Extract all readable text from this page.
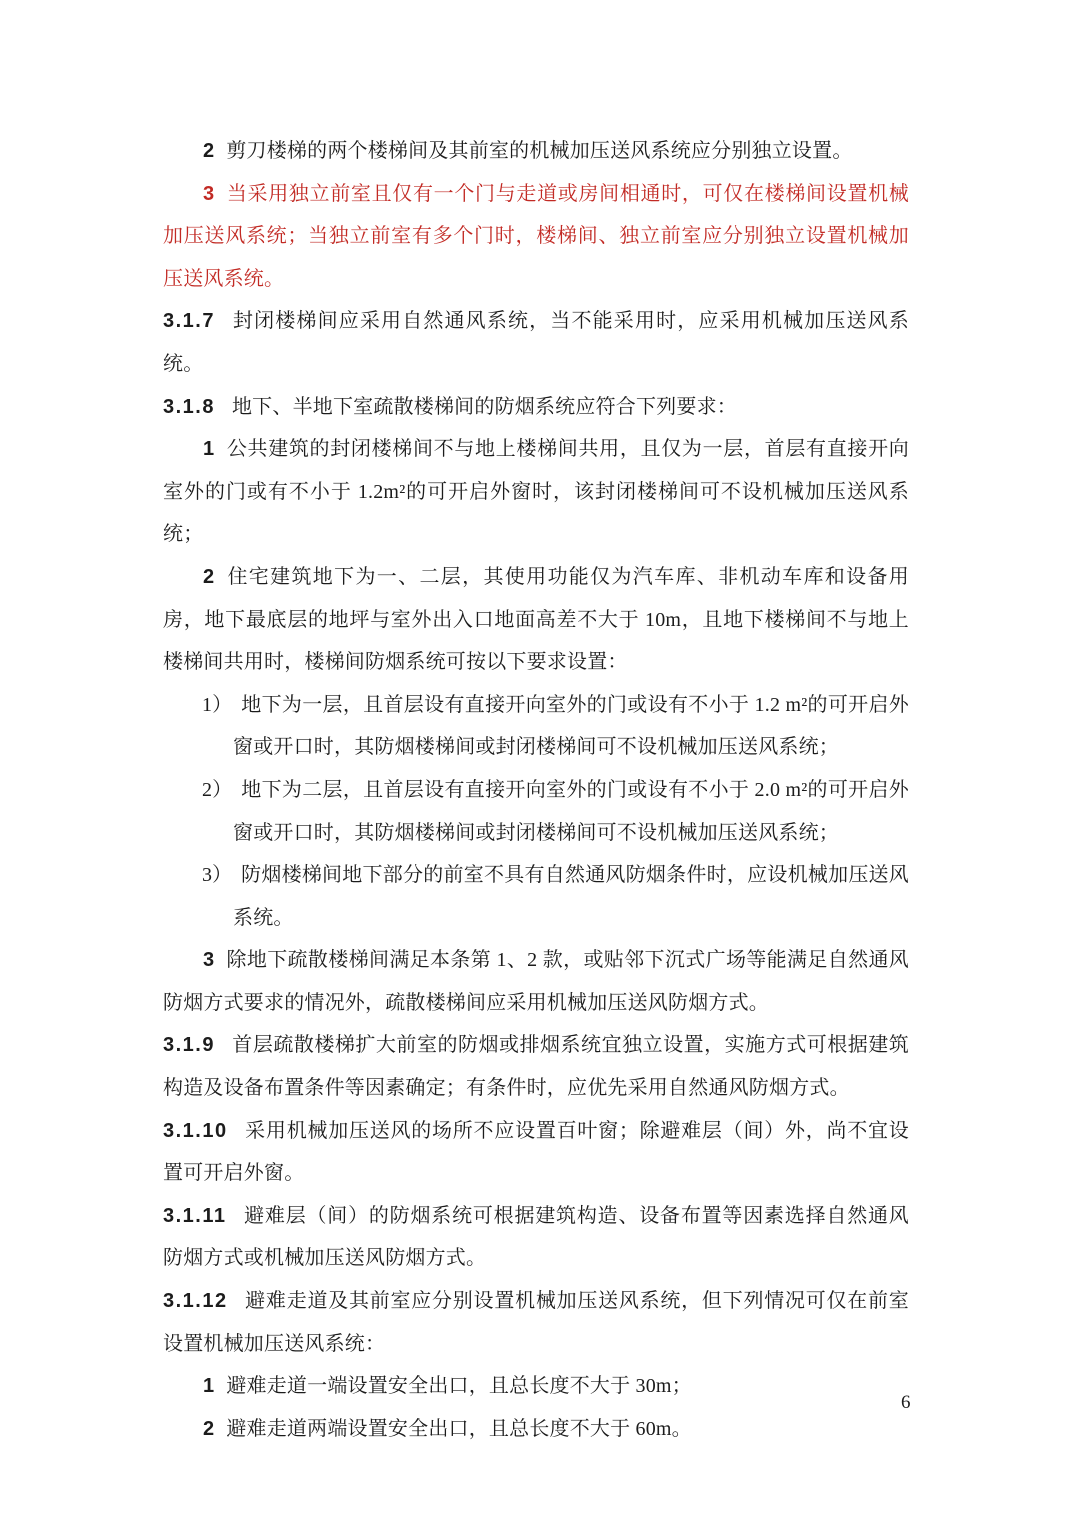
2 剪刀楼梯的两个楼梯间及其前室的机械加压送风系统应分别独立设置。

3 当采用独立前室且仅有一个门与走道或房间相通时，可仅在楼梯间设置机械加压送风系统；当独立前室有多个门时，楼梯间、独立前室应分别独立设置机械加压送风系统。

3.1.7 封闭楼梯间应采用自然通风系统，当不能采用时，应采用机械加压送风系统。

3.1.8 地下、半地下室疏散楼梯间的防烟系统应符合下列要求：

1 公共建筑的封闭楼梯间不与地上楼梯间共用，且仅为一层，首层有直接开向室外的门或有不小于 1.2m²的可开启外窗时，该封闭楼梯间可不设机械加压送风系统；

2 住宅建筑地下为一、二层，其使用功能仅为汽车库、非机动车库和设备用房，地下最底层的地坪与室外出入口地面高差不大于 10m，且地下楼梯间不与地上楼梯间共用时，楼梯间防烟系统可按以下要求设置：

1） 地下为一层，且首层设有直接开向室外的门或设有不小于 1.2 m²的可开启外窗或开口时，其防烟楼梯间或封闭楼梯间可不设机械加压送风系统；

2） 地下为二层，且首层设有直接开向室外的门或设有不小于 2.0 m²的可开启外窗或开口时，其防烟楼梯间或封闭楼梯间可不设机械加压送风系统；

3） 防烟楼梯间地下部分的前室不具有自然通风防烟条件时，应设机械加压送风系统。

3 除地下疏散楼梯间满足本条第 1、2 款，或贴邻下沉式广场等能满足自然通风防烟方式要求的情况外，疏散楼梯间应采用机械加压送风防烟方式。

3.1.9 首层疏散楼梯扩大前室的防烟或排烟系统宜独立设置，实施方式可根据建筑构造及设备布置条件等因素确定；有条件时，应优先采用自然通风防烟方式。

3.1.10 采用机械加压送风的场所不应设置百叶窗；除避难层（间）外，尚不宜设置可开启外窗。

3.1.11 避难层（间）的防烟系统可根据建筑构造、设备布置等因素选择自然通风防烟方式或机械加压送风防烟方式。

3.1.12 避难走道及其前室应分别设置机械加压送风系统，但下列情况可仅在前室设置机械加压送风系统：

1 避难走道一端设置安全出口，且总长度不大于 30m；

2 避难走道两端设置安全出口，且总长度不大于 60m。

6
